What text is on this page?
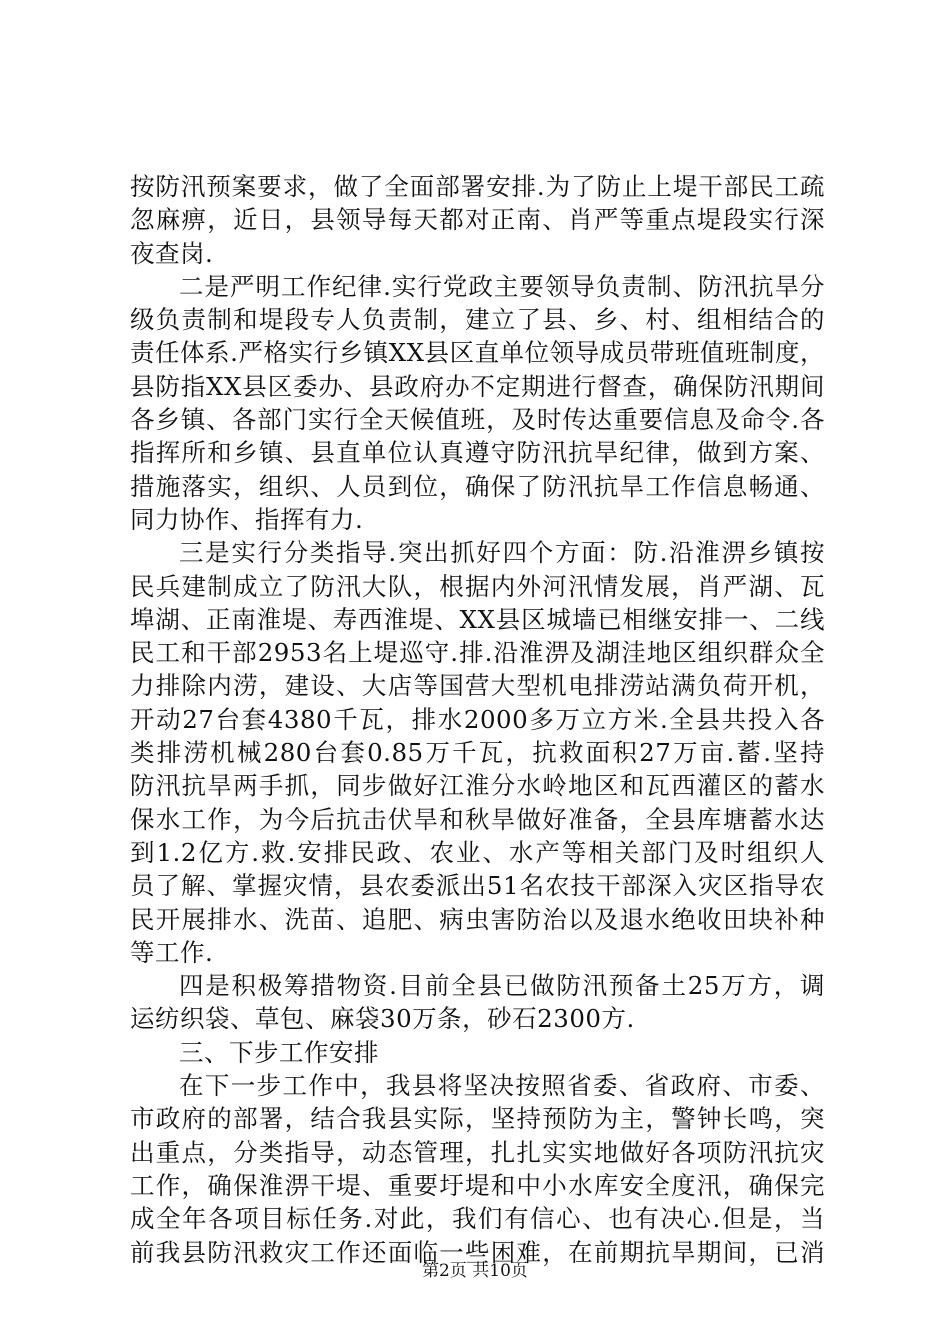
按防汛预案要求，做了全面部署安排.为了防止上堤干部民工疏
忽麻痹，近日，县领导每天都对正南、肖严等重点堤段实行深
夜查岗.
二是严明工作纪律.实行党政主要领导负责制、防汛抗旱分
级负责制和堤段专人负责制，建立了县、乡、村、组相结合的
责任体系.严格实行乡镇XX县区直单位领导成员带班值班制度，
县防指XX县区委办、县政府办不定期进行督查，确保防汛期间
各乡镇、各部门实行全天候值班，及时传达重要信息及命令.各
指挥所和乡镇、县直单位认真遵守防汛抗旱纪律，做到方案、
措施落实，组织、人员到位，确保了防汛抗旱工作信息畅通、
同力协作、指挥有力.
三是实行分类指导.突出抓好四个方面：防.沿淮淠乡镇按
民兵建制成立了防汛大队，根据内外河汛情发展，肖严湖、瓦
埠湖、正南淮堤、寿西淮堤、XX县区城墙已相继安排一、二线
民工和干部2953名上堤巡守.排.沿淮淠及湖洼地区组织群众全
力排除内涝，建设、大店等国营大型机电排涝站满负荷开机，
开动27台套4380千瓦，排水2000多万立方米.全县共投入各
类排涝机械280台套0.85万千瓦，抗救面积27万亩.蓄.坚持
防汛抗旱两手抓，同步做好江淮分水岭地区和瓦西灌区的蓄水
保水工作，为今后抗击伏旱和秋旱做好准备，全县库塘蓄水达
到1.2亿方.救.安排民政、农业、水产等相关部门及时组织人
员了解、掌握灾情，县农委派出51名农技干部深入灾区指导农
民开展排水、洗苗、追肥、病虫害防治以及退水绝收田块补种
等工作.
四是积极筹措物资.目前全县已做防汛预备土25万方，调
运纺织袋、草包、麻袋30万条，砂石2300方.
三、下步工作安排
在下一步工作中，我县将坚决按照省委、省政府、市委、
市政府的部署，结合我县实际，坚持预防为主，警钟长鸣，突
出重点，分类指导，动态管理，扎扎实实地做好各项防汛抗灾
工作，确保淮淠干堤、重要圩堤和中小水库安全度汛，确保完
成全年各项目标任务.对此，我们有信心、也有决心.但是，当
前我县防汛救灾工作还面临一些困难，在前期抗旱期间，已消
第2页 共10页
